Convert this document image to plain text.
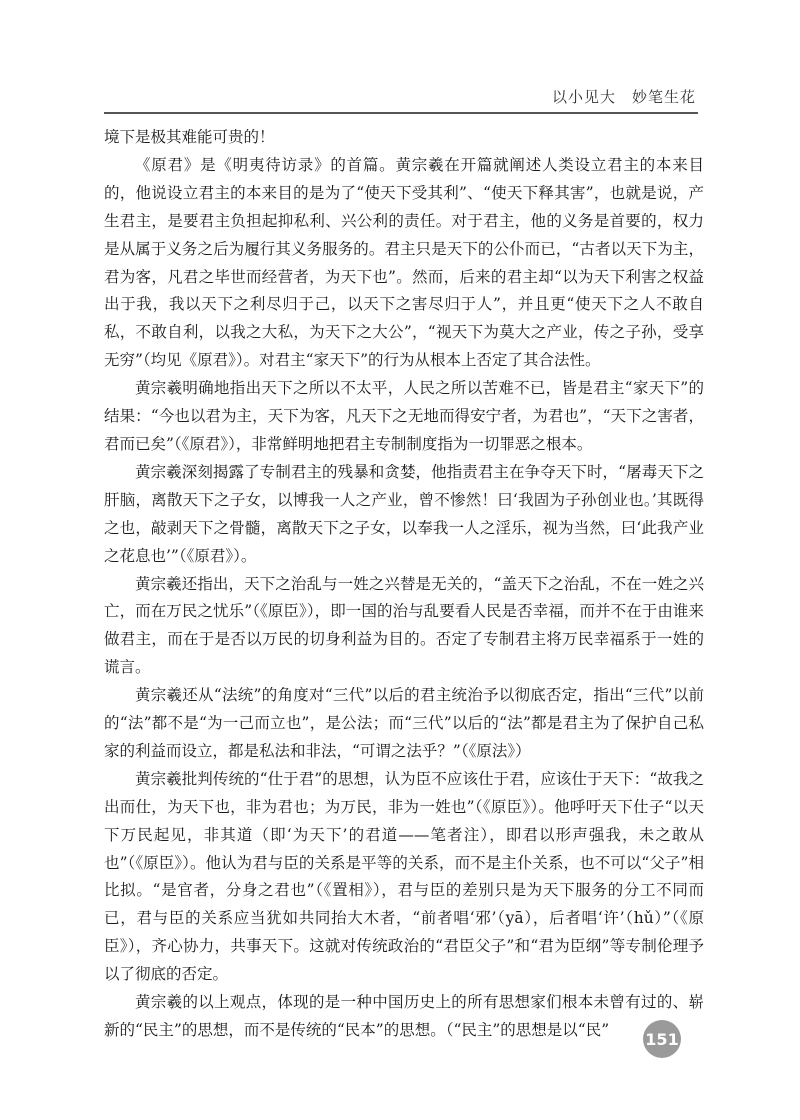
以小见大　妙笔生花

境下是极其难能可贵的！

《原君》是《明夷待访录》的首篇。黄宗羲在开篇就阐述人类设立君主的本来目的，他说设立君主的本来目的是为了“使天下受其利”、“使天下释其害”，也就是说，产生君主，是要君主负担起抑私利、兴公利的责任。对于君主，他的义务是首要的，权力是从属于义务之后为履行其义务服务的。君主只是天下的公仆而已，“古者以天下为主，君为客，凡君之毕世而经营者，为天下也”。然而，后来的君主却“以为天下利害之权益出于我，我以天下之利尽归于己，以天下之害尽归于人”，并且更“使天下之人不敢自私，不敢自利，以我之大私，为天下之大公”，“视天下为莫大之产业，传之子孙，受享无穷”（均见《原君》）。对君主“家天下”的行为从根本上否定了其合法性。

黄宗羲明确地指出天下之所以不太平，人民之所以苦难不已，皆是君主“家天下”的结果：“今也以君为主，天下为客，凡天下之无地而得安宁者，为君也”，“天下之害者，君而已矣”（《原君》），非常鲜明地把君主专制制度指为一切罪恶之根本。

黄宗羲深刻揭露了专制君主的残暴和贪婪，他指责君主在争夺天下时，“屠毒天下之肝脑，离散天下之子女，以博我一人之产业，曾不惨然！曰‘我固为子孙创业也。’其既得之也，敲剥天下之骨髓，离散天下之子女，以奉我一人之淫乐，视为当然，曰‘此我产业之花息也’”（《原君》）。

黄宗羲还指出，天下之治乱与一姓之兴替是无关的，“盖天下之治乱，不在一姓之兴亡，而在万民之忧乐”（《原臣》），即一国的治与乱要看人民是否幸福，而并不在于由谁来做君主，而在于是否以万民的切身利益为目的。否定了专制君主将万民幸福系于一姓的谎言。

黄宗羲还从“法统”的角度对“三代”以后的君主统治予以彻底否定，指出“三代”以前的“法”都不是“为一己而立也”，是公法；而“三代”以后的“法”都是君主为了保护自己私家的利益而设立，都是私法和非法，“可谓之法乎？”（《原法》）

黄宗羲批判传统的“仕于君”的思想，认为臣不应该仕于君，应该仕于天下：“故我之出而仕，为天下也，非为君也；为万民，非为一姓也”（《原臣》）。他呼吁天下仕子“以天下万民起见，非其道（即‘为天下’的君道——笔者注），即君以形声强我，未之敢从也”（《原臣》）。他认为君与臣的关系是平等的关系，而不是主仆关系，也不可以“父子”相比拟。“是官者，分身之君也”（《置相》），君与臣的差别只是为天下服务的分工不同而已，君与臣的关系应当犹如共同抬大木者，“前者唱‘邪’（yā），后者唱‘许’（hǔ）”（《原臣》），齐心协力，共事天下。这就对传统政治的“君臣父子”和“君为臣纲”等专制伦理予以了彻底的否定。

黄宗羲的以上观点，体现的是一种中国历史上的所有思想家们根本未曾有过的、崭新的“民主”的思想，而不是传统的“民本”的思想。（“民主”的思想是以“民”	151
